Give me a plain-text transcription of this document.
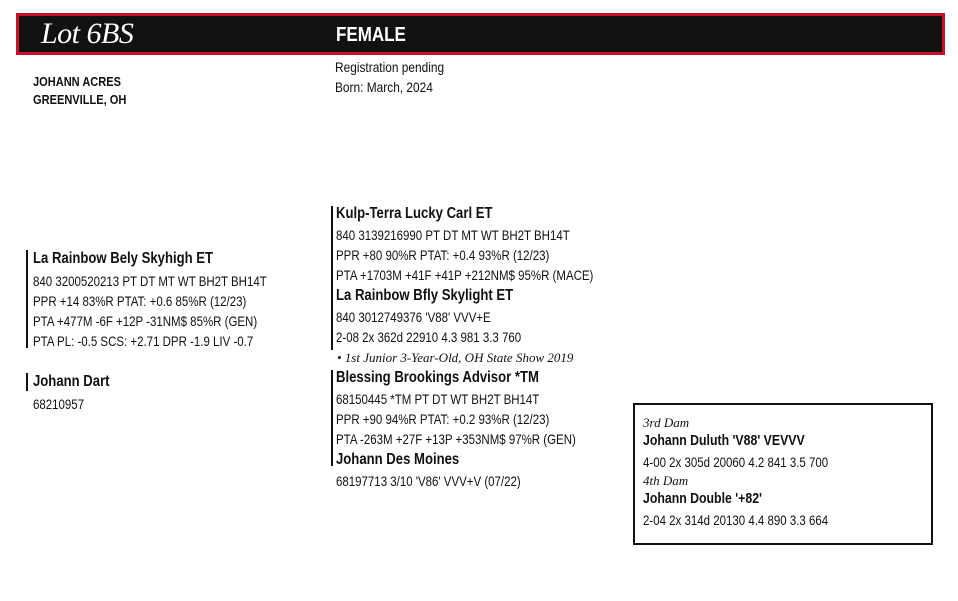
Lot 6BS	FEMALE
JOHANN ACRES
GREENVILLE, OH
Registration pending
Born: March, 2024
La Rainbow Bely Skyhigh ET
840 3200520213 PT DT MT WT BH2T BH14T
PPR +14 83%R PTAT: +0.6 85%R (12/23)
PTA +477M -6F +12P -31NM$ 85%R (GEN)
PTA PL: -0.5 SCS: +2.71 DPR -1.9 LIV -0.7
Johann Dart
68210957
Kulp-Terra Lucky Carl ET
840 3139216990 PT DT MT WT BH2T BH14T
PPR +80 90%R PTAT: +0.4 93%R (12/23)
PTA +1703M +41F +41P +212NM$ 95%R (MACE)
La Rainbow Bfly Skylight ET
840 3012749376 'V88' VVV+E
2-08 2x 362d 22910 4.3 981 3.3 760
• 1st Junior 3-Year-Old, OH State Show 2019
Blessing Brookings Advisor *TM
68150445 *TM PT DT WT BH2T BH14T
PPR +90 94%R PTAT: +0.2 93%R (12/23)
PTA -263M +27F +13P +353NM$ 97%R (GEN)
Johann Des Moines
68197713 3/10 'V86' VVV+V (07/22)
3rd Dam
Johann Duluth 'V88' VEVVV
4-00 2x 305d 20060 4.2 841 3.5 700
4th Dam
Johann Double '+82'
2-04 2x 314d 20130 4.4 890 3.3 664
